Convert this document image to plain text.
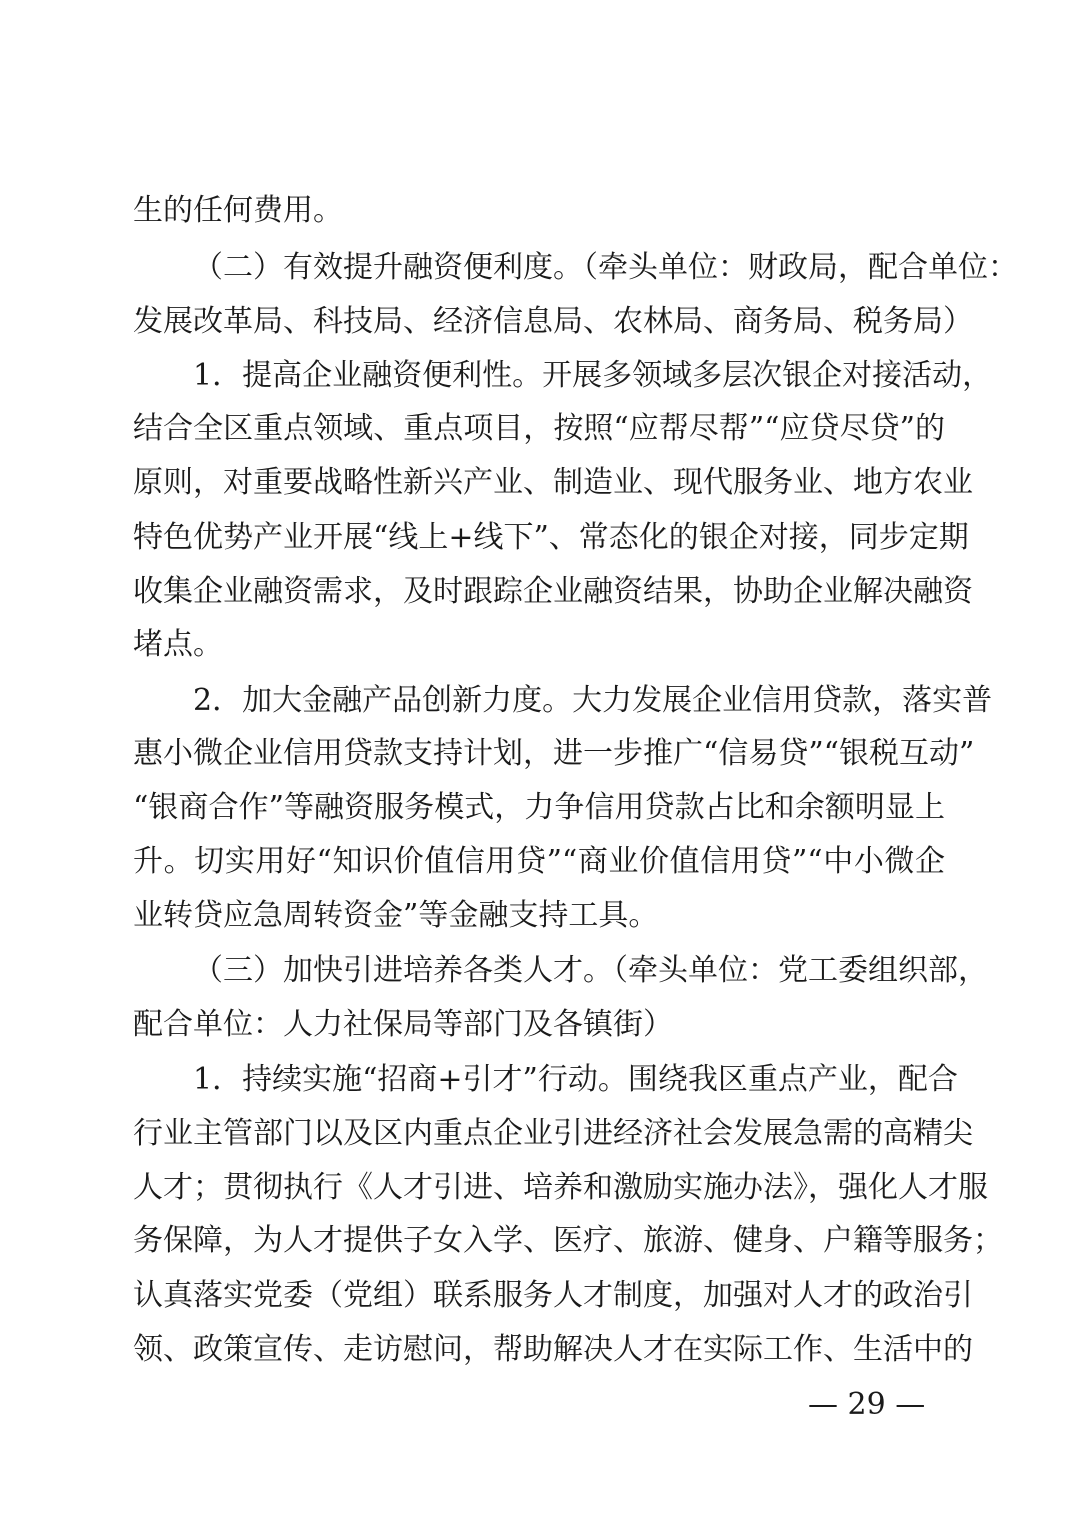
生的任何费用。
（二）有效提升融资便利度。（牵头单位：财政局，配合单位：
发展改革局、科技局、经济信息局、农林局、商务局、税务局）
1．提高企业融资便利性。开展多领域多层次银企对接活动，
结合全区重点领域、重点项目，按照“应帮尽帮”“应贷尽贷”的
原则，对重要战略性新兴产业、制造业、现代服务业、地方农业
特色优势产业开展“线上+线下”、常态化的银企对接，同步定期
收集企业融资需求，及时跟踪企业融资结果，协助企业解决融资
堵点。
2．加大金融产品创新力度。大力发展企业信用贷款，落实普
惠小微企业信用贷款支持计划，进一步推广“信易贷”“银税互动”
“银商合作”等融资服务模式，力争信用贷款占比和余额明显上
升。切实用好“知识价值信用贷”“商业价值信用贷”“中小微企
业转贷应急周转资金”等金融支持工具。
（三）加快引进培养各类人才。（牵头单位：党工委组织部，
配合单位：人力社保局等部门及各镇街）
1．持续实施“招商+引才”行动。围绕我区重点产业，配合
行业主管部门以及区内重点企业引进经济社会发展急需的高精尖
人才；贯彻执行《人才引进、培养和激励实施办法》，强化人才服
务保障，为人才提供子女入学、医疗、旅游、健身、户籍等服务；
认真落实党委（党组）联系服务人才制度，加强对人才的政治引
领、政策宣传、走访慰问，帮助解决人才在实际工作、生活中的
— 29 —
